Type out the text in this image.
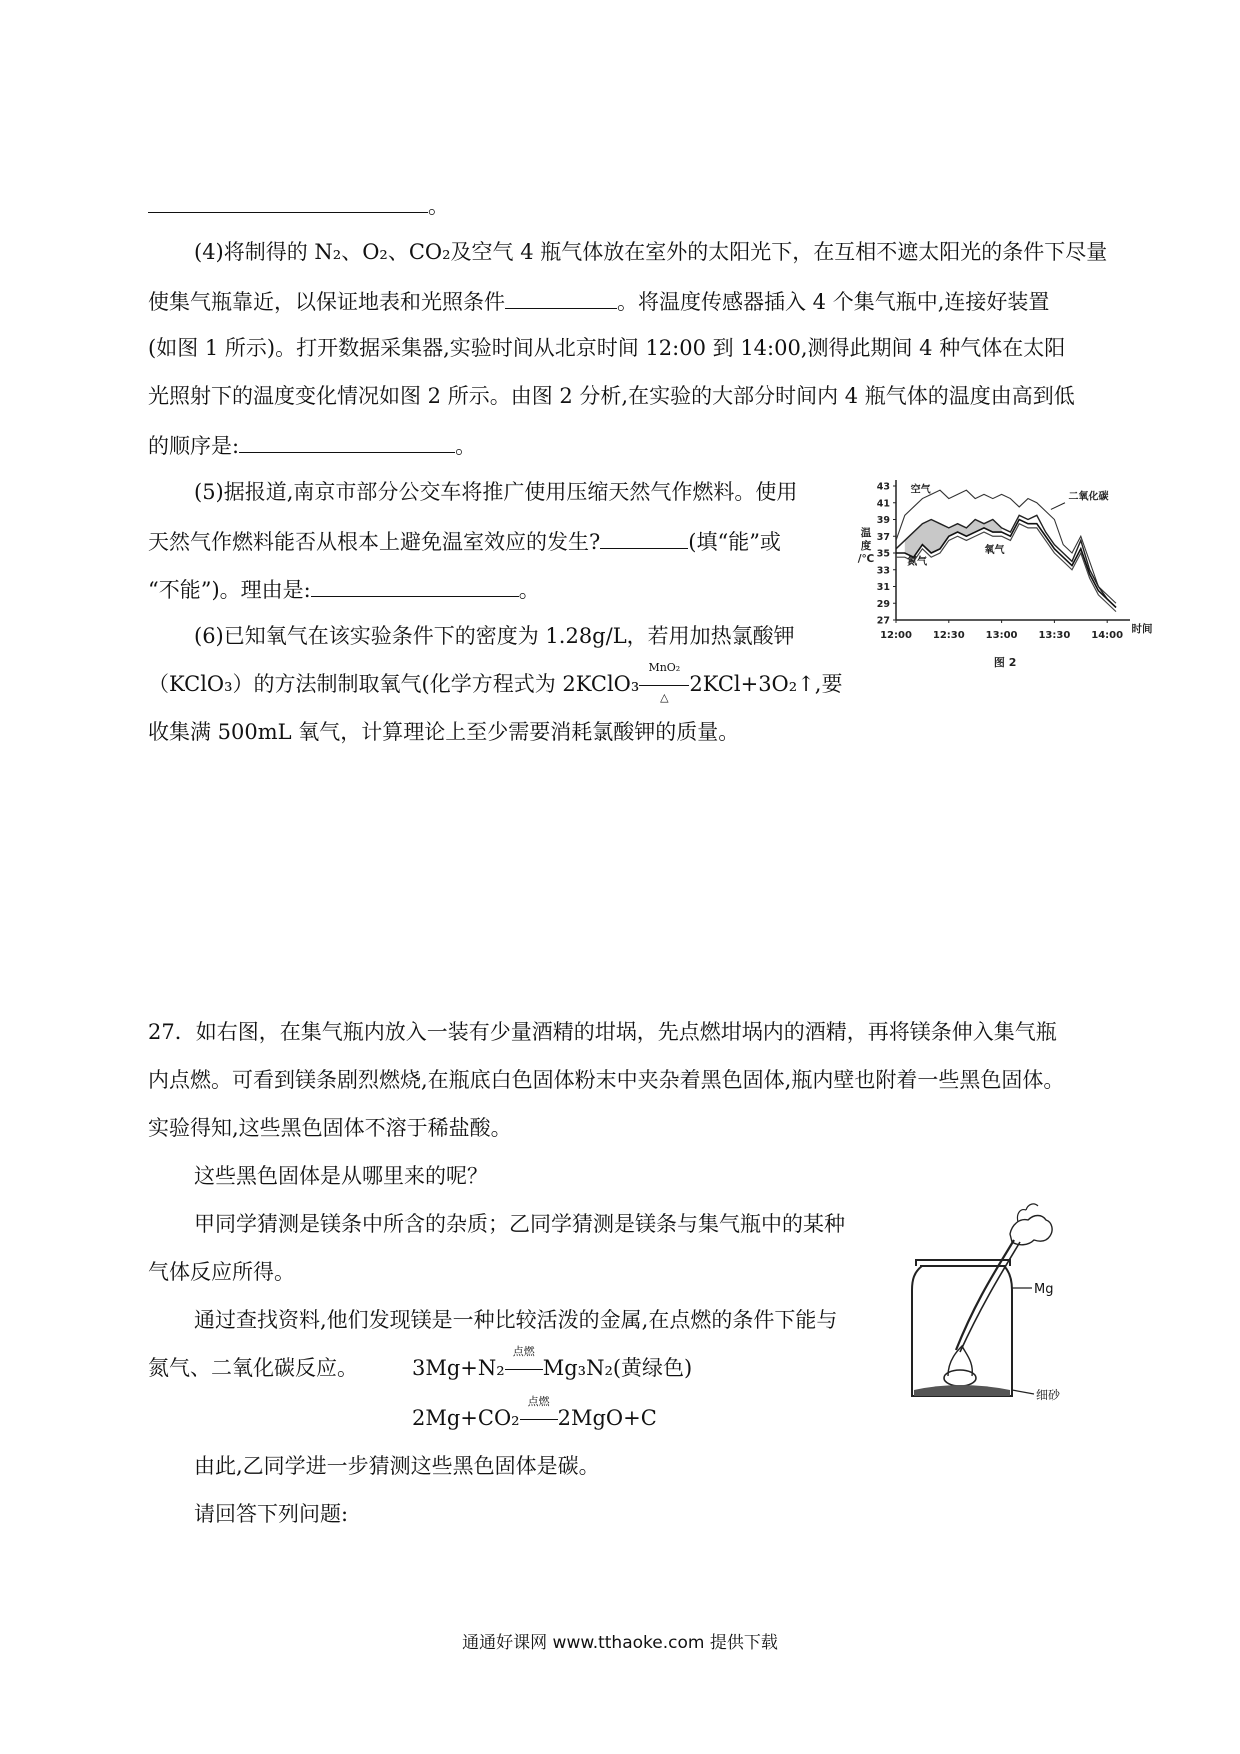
。
(4)将制得的 N₂、O₂、CO₂及空气 4 瓶气体放在室外的太阳光下，在互相不遮太阳光的条件下尽量
使集气瓶靠近，以保证地表和光照条件	。将温度传感器插入 4 个集气瓶中,连接好装置
(如图 1 所示)。打开数据采集器,实验时间从北京时间 12:00 到 14:00,测得此期间 4 种气体在太阳
光照射下的温度变化情况如图 2 所示。由图 2 分析,在实验的大部分时间内 4 瓶气体的温度由高到低
的顺序是:	。
(5)据报道,南京市部分公交车将推广使用压缩天然气作燃料。使用
天然气作燃料能否从根本上避免温室效应的发生?	(填“能”或
“不能”)。理由是:	。
(6)已知氧气在该实验条件下的密度为 1.28g/L，若用加热氯酸钾
（KClO₃）的方法制制取氧气(化学方程式为 2KClO₃
MnO₂
△
2KCl+3O₂↑,要
收集满 500mL 氧气，计算理论上至少需要消耗氯酸钾的质量。
43
41
39
37
35
33
31
29
27
12:00 12:30 13:00 13:30 14:00
温
度
/℃
时间
图 2
空气
二氧化碳
氮气
氧气
27．如右图，在集气瓶内放入一装有少量酒精的坩埚，先点燃坩埚内的酒精，再将镁条伸入集气瓶
内点燃。可看到镁条剧烈燃烧,在瓶底白色固体粉末中夹杂着黑色固体,瓶内壁也附着一些黑色固体。
实验得知,这些黑色固体不溶于稀盐酸。
这些黑色固体是从哪里来的呢？
甲同学猜测是镁条中所含的杂质；乙同学猜测是镁条与集气瓶中的某种
气体反应所得。
通过查找资料,他们发现镁是一种比较活泼的金属,在点燃的条件下能与
氮气、二氧化碳反应。	3Mg+N₂
点燃
Mg₃N₂(黄绿色)
2Mg+CO₂
点燃
2MgO+C
由此,乙同学进一步猜测这些黑色固体是碳。
请回答下列问题:
Mg
细砂
通通好课网 www.tthaoke.com 提供下载
